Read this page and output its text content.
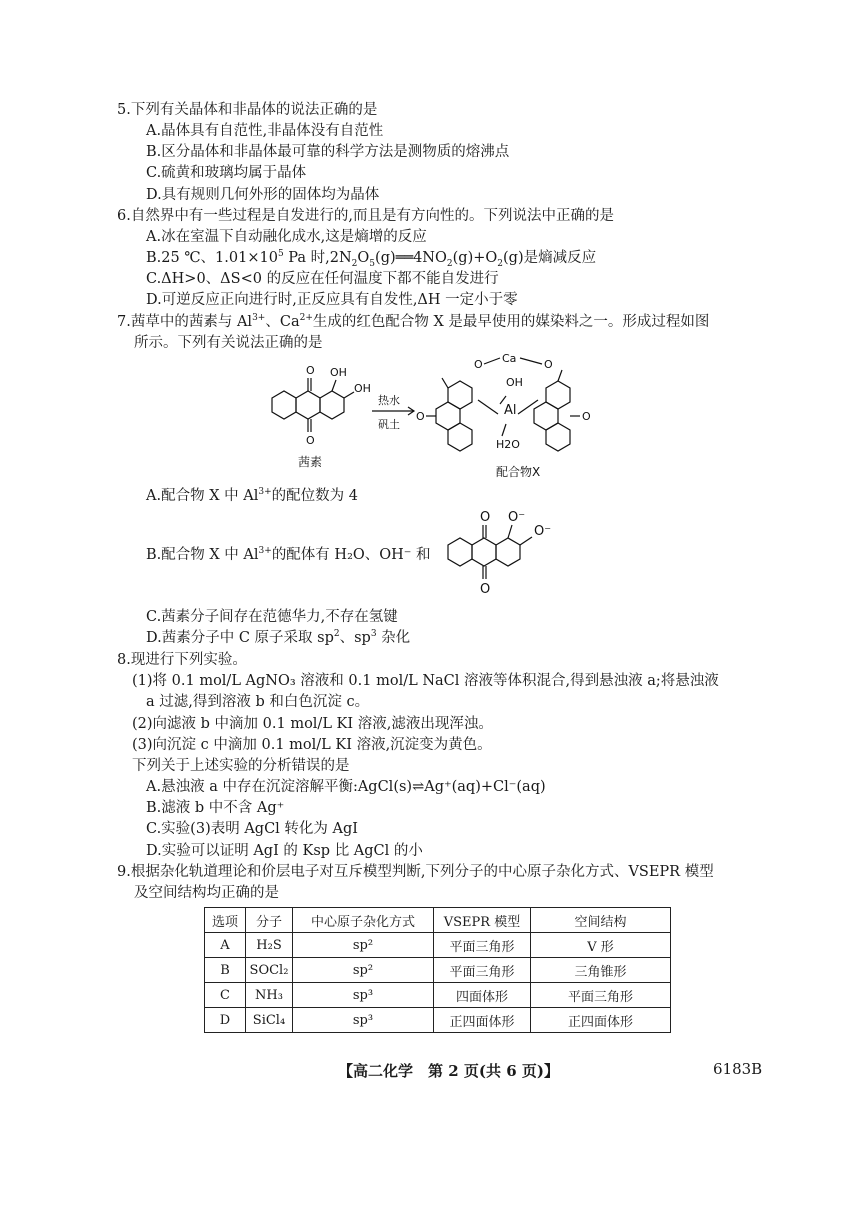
5.下列有关晶体和非晶体的说法正确的是
A.晶体具有自范性,非晶体没有自范性
B.区分晶体和非晶体最可靠的科学方法是测物质的熔沸点
C.硫黄和玻璃均属于晶体
D.具有规则几何外形的固体均为晶体
6.自然界中有一些过程是自发进行的,而且是有方向性的。下列说法中正确的是
A.冰在室温下自动融化成水,这是熵增的反应
B.25 ℃、$1.01\times 10^5$ Pa 时$,2N_2O_5(g)══4NO_2(g)+O_2(g)$是熵减反应
C.ΔH>0、ΔS<0 的反应在任何温度下都不能自发进行
D.可逆反应正向进行时,正反应具有自发性,ΔH 一定小于零
7.茜草中的茜素与 $Al^{3+}$、$Ca^{2+}$生成的红色配合物 X 是最早使用的媒染料之一。形成过程如图
所示。下列有关说法正确的是
O OH
OH
O
茜素
热水
矾土
O Ca	O
OH
Al
H2O
O	O
配合物X
A.配合物 X 中 $Al^{3+}$的配位数为 4
B.配合物 X 中 $Al^{3+}$的配体有 H₂O、OH⁻ 和
O O⁻
O⁻
O
C.茜素分子间存在范德华力,不存在氢键
D.茜素分子中 C 原子采取 $sp^2$、$sp^3$ 杂化
8.现进行下列实验。
(1)将 0.1 mol/L AgNO₃ 溶液和 0.1 mol/L NaCl 溶液等体积混合,得到悬浊液 a;将悬浊液
a 过滤,得到溶液 b 和白色沉淀 c。
(2)向滤液 b 中滴加 0.1 mol/L KI 溶液,滤液出现浑浊。
(3)向沉淀 c 中滴加 0.1 mol/L KI 溶液,沉淀变为黄色。
下列关于上述实验的分析错误的是
A.悬浊液 a 中存在沉淀溶解平衡:AgCl(s)⇌Ag⁺(aq)+Cl⁻(aq)
B.滤液 b 中不含 Ag⁺
C.实验(3)表明 AgCl 转化为 AgI
D.实验可以证明 AgI 的 Ksp 比 AgCl 的小
9.根据杂化轨道理论和价层电子对互斥模型判断,下列分子的中心原子杂化方式、VSEPR 模型
及空间结构均正确的是
选项	分子	中心原子杂化方式	VSEPR 模型	空间结构
A	H₂S	sp²	平面三角形	V 形
B	SOCl₂	sp²	平面三角形	三角锥形
C	NH₃	sp³	四面体形	平面三角形
D	SiCl₄	sp³	正四面体形	正四面体形
【高二化学　第 2 页(共 6 页)】	6183B
